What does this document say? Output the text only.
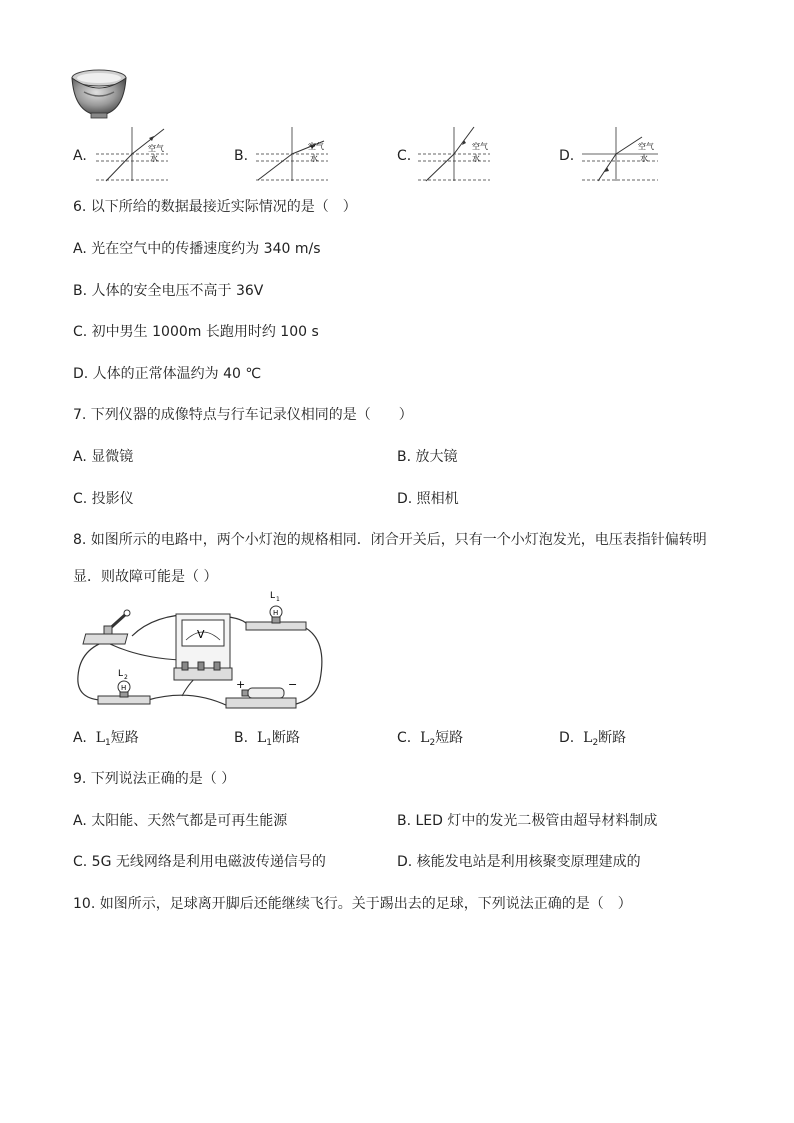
A.	空气
水	B.
空气
水	C.
空气
水	D.
空气
水
6. 以下所给的数据最接近实际情况的是（　）
A. 光在空气中的传播速度约为 340 m/s
B. 人体的安全电压不高于 36V
C. 初中男生 1000m 长跑用时约 100 s
D. 人体的正常体温约为 40 ℃
7. 下列仪器的成像特点与行车记录仪相同的是（　　）
A. 显微镜	B. 放大镜
C. 投影仪	D. 照相机
8. 如图所示的电路中，两个小灯泡的规格相同．闭合开关后，只有一个小灯泡发光，电压表指针偏转明
显．则故障可能是（ ）
V
H
L 1
H
L 2
+	−
A. $L_1$短路	B. $L_1$断路	C. $L_2$短路	D. $L_2$断路
9. 下列说法正确的是（ ）
A. 太阳能、天然气都是可再生能源	B. LED 灯中的发光二极管由超导材料制成
C. 5G 无线网络是利用电磁波传递信号的	D. 核能发电站是利用核聚变原理建成的
10. 如图所示，足球离开脚后还能继续飞行。关于踢出去的足球，下列说法正确的是（　）
